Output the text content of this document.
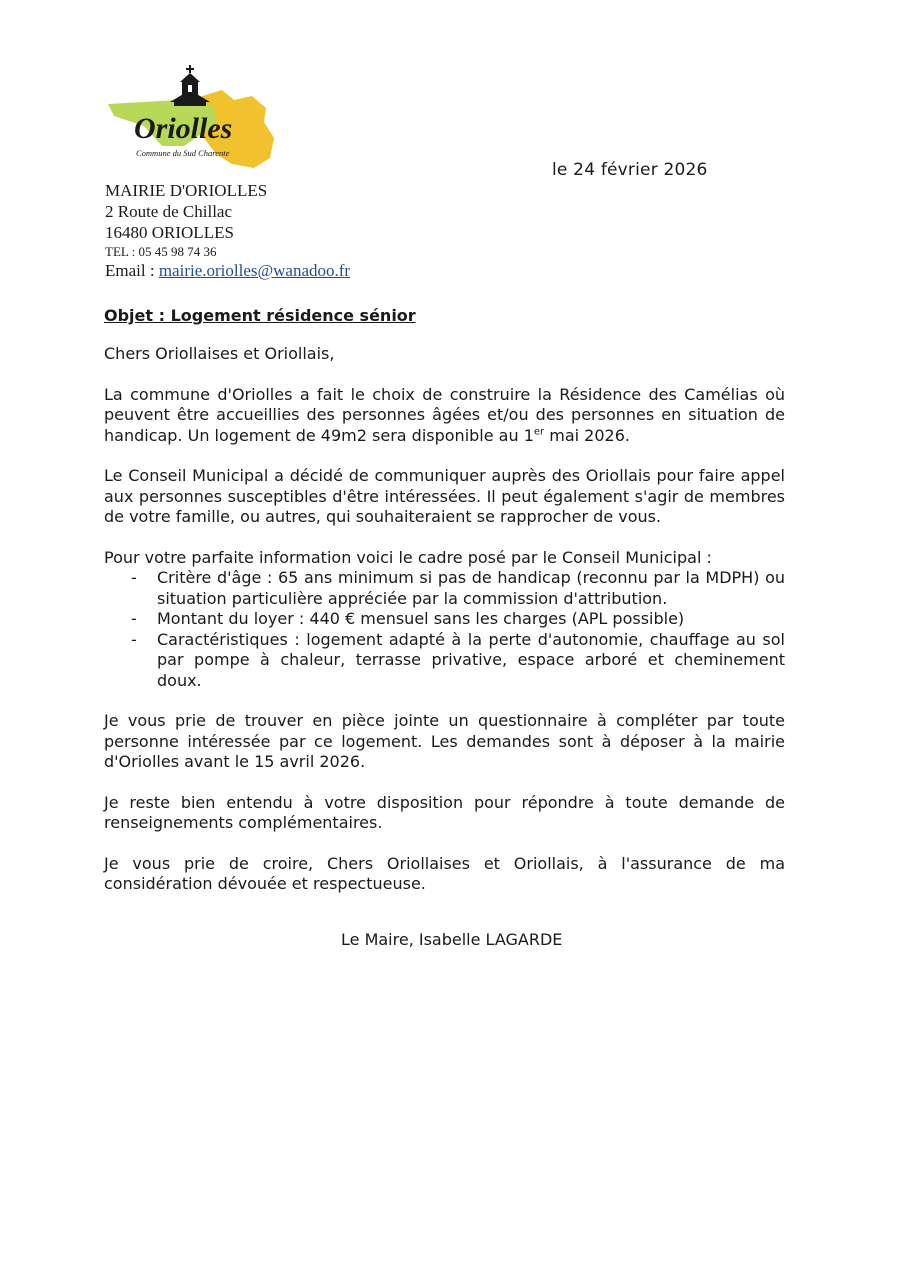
Oriolles
Commune du Sud Charente
le 24 février 2026
MAIRIE D'ORIOLLES
2 Route de Chillac
16480 ORIOLLES
TEL : 05 45 98 74 36
Email : mairie.oriolles@wanadoo.fr
Objet : Logement résidence sénior

Chers Oriollaises et Oriollais,

La commune d'Oriolles a fait le choix de construire la Résidence des Camélias où peuvent être accueillies des personnes âgées et/ou des personnes en situation de handicap. Un logement de 49m2 sera disponible au 1er mai 2026.

Le Conseil Municipal a décidé de communiquer auprès des Oriollais pour faire appel aux personnes susceptibles d'être intéressées. Il peut également s'agir de membres de votre famille, ou autres, qui souhaiteraient se rapprocher de vous.

Pour votre parfaite information voici le cadre posé par le Conseil Municipal :

- Critère d'âge : 65 ans minimum si pas de handicap (reconnu par la MDPH) ou situation particulière appréciée par la commission d'attribution.
- Montant du loyer : 440 € mensuel sans les charges (APL possible)
- Caractéristiques : logement adapté à la perte d'autonomie, chauffage au sol par pompe à chaleur, terrasse privative, espace arboré et cheminement doux.

Je vous prie de trouver en pièce jointe un questionnaire à compléter par toute personne intéressée par ce logement. Les demandes sont à déposer à la mairie d'Oriolles avant le 15 avril 2026.

Je reste bien entendu à votre disposition pour répondre à toute demande de renseignements complémentaires.

Je vous prie de croire, Chers Oriollaises et Oriollais, à l'assurance de ma considération dévouée et respectueuse.

Le Maire, Isabelle LAGARDE
